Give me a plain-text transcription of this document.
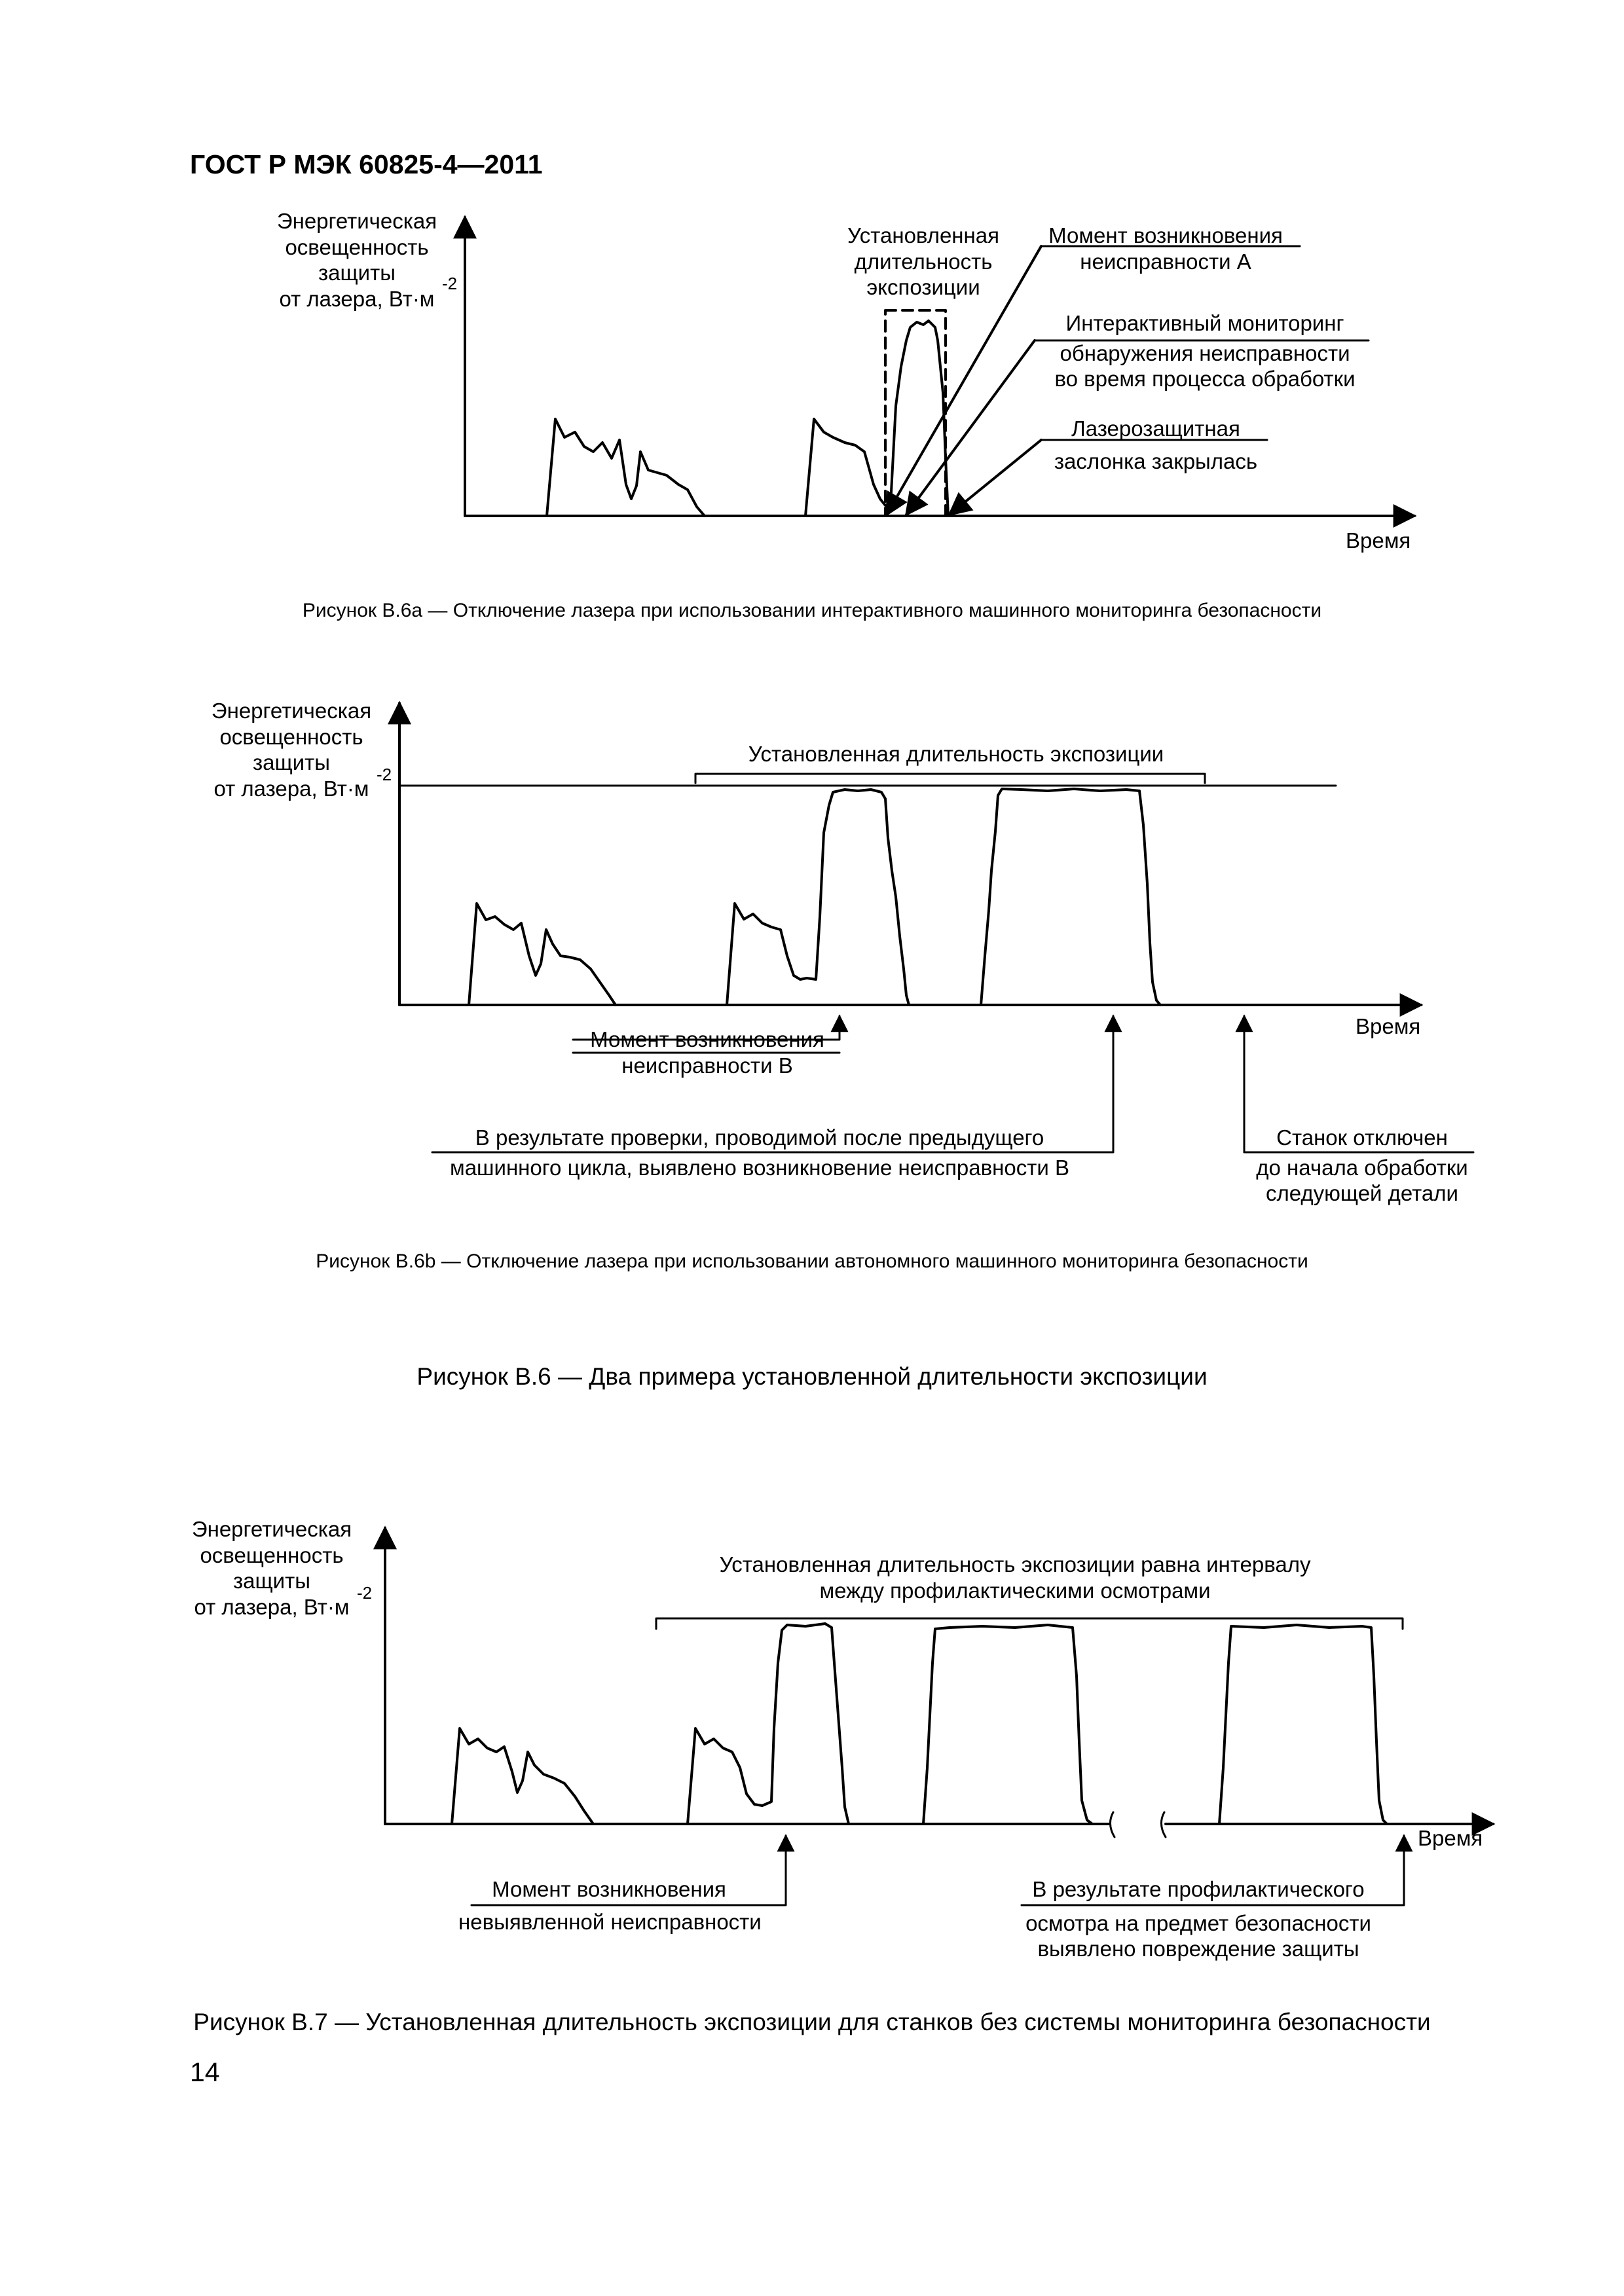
ГОСТ Р МЭК 60825-4—2011
Энергетическая
освещенность
защиты
от лазера, Вт·м
-2
Установленная
длительность
экспозиции
Момент возникновения
неисправности А
Интерактивный мониторинг
обнаружения неисправности
во время процесса обработки
Лазерозащитная
заслонка закрылась
Время
Рисунок В.6a — Отключение лазера при использовании интерактивного машинного мониторинга безопасности
Энергетическая
освещенность
защиты
от лазера, Вт·м
-2
Установленная длительность экспозиции
Время
Момент возникновения
неисправности В
В результате проверки, проводимой после предыдущего
машинного цикла, выявлено возникновение неисправности В
Станок отключен
до начала обработки
следующей детали
Рисунок В.6b — Отключение лазера при использовании автономного машинного мониторинга безопасности
Рисунок В.6 — Два примера установленной длительности экспозиции
Энергетическая
освещенность
защиты
от лазера, Вт·м
-2
Установленная длительность экспозиции равна интервалу
между профилактическими осмотрами
Время
Момент возникновения
невыявленной неисправности
В результате профилактического
осмотра на предмет безопасности
выявлено повреждение защиты
Рисунок В.7 — Установленная длительность экспозиции для станков без системы мониторинга безопасности
14
